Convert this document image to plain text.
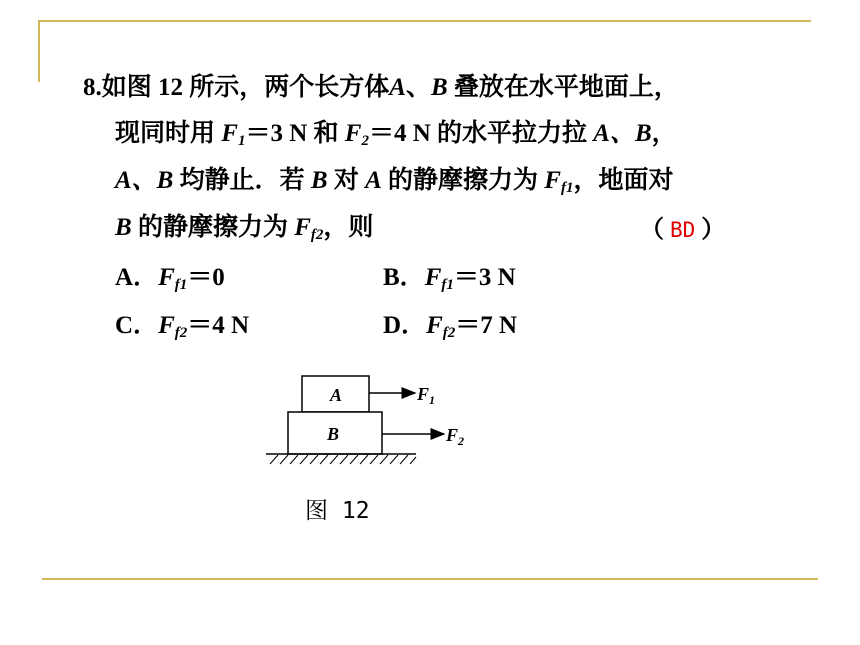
8.如图 12 所示，两个长方体A、B 叠放在水平地面上，
现同时用 $F_1=3$ N 和 $F_2=4$ N 的水平拉力拉 A、B，
A、B 均静止．若 B 对 A 的静摩擦力为 $F_{f1}$，地面对
B 的静摩擦力为 $F_{f2}$，则	（ BD ）
A．$F_{f1}=0$	B．$F_{f1}=3$ N
C．$F_{f2}=4$ N	D．$F_{f2}=7$ N
A
B
$F_1$
$F_2$
图 12
